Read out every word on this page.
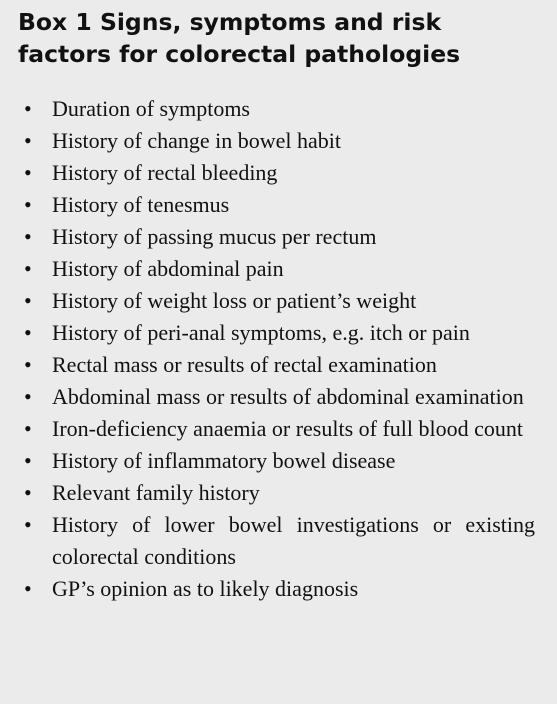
Box 1 Signs, symptoms and risk factors for colorectal pathologies
• Duration of symptoms
• History of change in bowel habit
• History of rectal bleeding
• History of tenesmus
• History of passing mucus per rectum
• History of abdominal pain
• History of weight loss or patient’s weight
• History of peri-anal symptoms, e.g. itch or pain
• Rectal mass or results of rectal examination
• Abdominal mass or results of abdominal examination
• Iron-deficiency anaemia or results of full blood count
• History of inflammatory bowel disease
• Relevant family history
• History of lower bowel investigations or existing colorectal conditions
• GP’s opinion as to likely diagnosis
